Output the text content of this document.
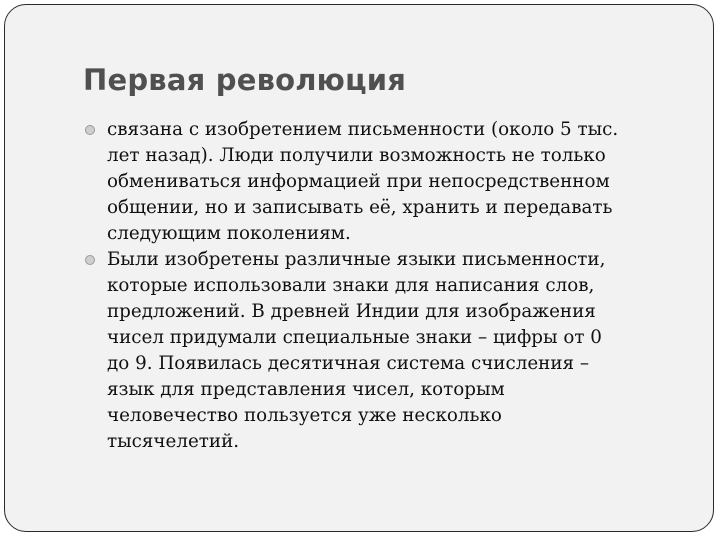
Первая революция
связана с изобретением письменности (около 5 тыс.
лет назад). Люди получили возможность не только
обмениваться информацией при непосредственном
общении, но и записывать её, хранить и передавать
следующим поколениям.
Были изобретены различные языки письменности,
которые использовали знаки для написания слов,
предложений. В древней Индии для изображения
чисел придумали специальные знаки – цифры от 0
до 9. Появилась десятичная система счисления –
язык для представления чисел, которым
человечество пользуется уже несколько
тысячелетий.
